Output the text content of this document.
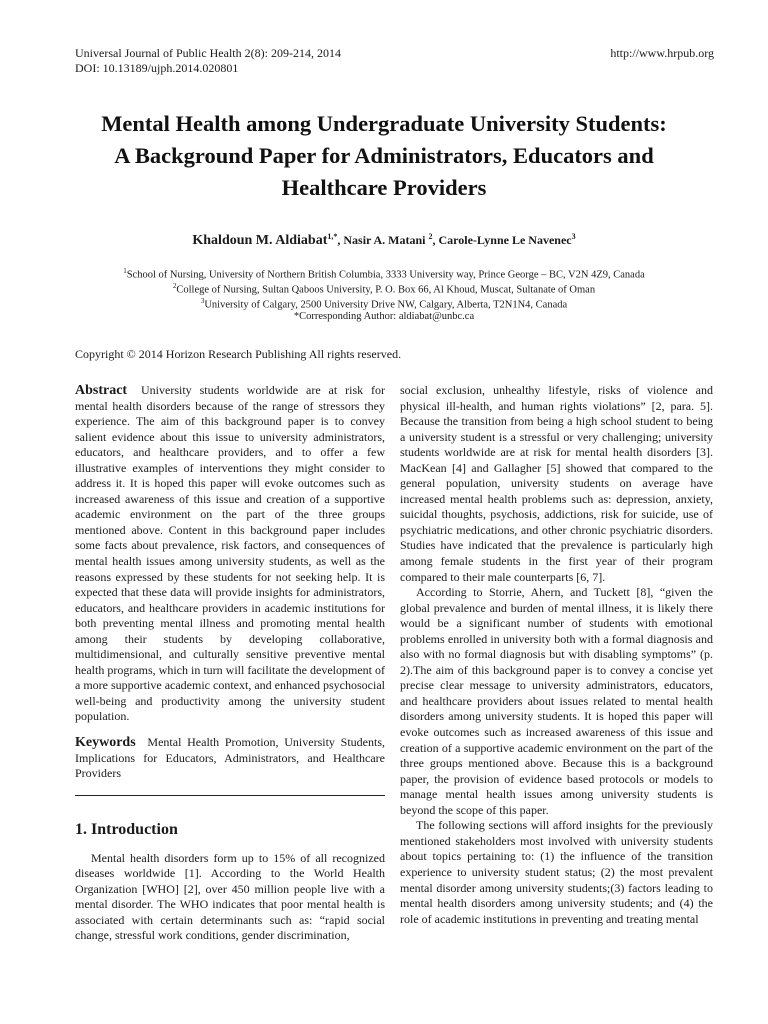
Universal Journal of Public Health 2(8): 209-214, 2014
DOI: 10.13189/ujph.2014.020801
http://www.hrpub.org
Mental Health among Undergraduate University Students:
A Background Paper for Administrators, Educators and
Healthcare Providers
Khaldoun M. Aldiabat$^{1,*}$, Nasir A. Matani $^2$, Carole-Lynne Le Navenec$^3$
$^1$School of Nursing, University of Northern British Columbia, 3333 University way, Prince George – BC, V2N 4Z9, Canada
$^2$College of Nursing, Sultan Qaboos University, P. O. Box 66, Al Khoud, Muscat, Sultanate of Oman
$^3$University of Calgary, 2500 University Drive NW, Calgary, Alberta, T2N1N4, Canada
*Corresponding Author: aldiabat@unbc.ca
Copyright © 2014 Horizon Research Publishing All rights reserved.

Abstract University students worldwide are at risk for mental health disorders because of the range of stressors they experience. The aim of this background paper is to convey salient evidence about this issue to university administrators, educators, and healthcare providers, and to offer a few illustrative examples of interventions they might consider to address it. It is hoped this paper will evoke outcomes such as increased awareness of this issue and creation of a supportive academic environment on the part of the three groups mentioned above. Content in this background paper includes some facts about prevalence, risk factors, and consequences of mental health issues among university students, as well as the reasons expressed by these students for not seeking help. It is expected that these data will provide insights for administrators, educators, and healthcare providers in academic institutions for both preventing mental illness and promoting mental health among their students by developing collaborative, multidimensional, and culturally sensitive preventive mental health programs, which in turn will facilitate the development of a more supportive academic context, and enhanced psychosocial well-being and productivity among the university student population.

Keywords Mental Health Promotion, University Students, Implications for Educators, Administrators, and Healthcare Providers

1. Introduction

Mental health disorders form up to 15% of all recognized diseases worldwide [1]. According to the World Health Organization [WHO] [2], over 450 million people live with a mental disorder. The WHO indicates that poor mental health is associated with certain determinants such as: “rapid social change, stressful work conditions, gender discrimination,

social exclusion, unhealthy lifestyle, risks of violence and physical ill-health, and human rights violations” [2, para. 5]. Because the transition from being a high school student to being a university student is a stressful or very challenging; university students worldwide are at risk for mental health disorders [3]. MacKean [4] and Gallagher [5] showed that compared to the general population, university students on average have increased mental health problems such as: depression, anxiety, suicidal thoughts, psychosis, addictions, risk for suicide, use of psychiatric medications, and other chronic psychiatric disorders. Studies have indicated that the prevalence is particularly high among female students in the first year of their program compared to their male counterparts [6, 7].

According to Storrie, Ahern, and Tuckett [8], “given the global prevalence and burden of mental illness, it is likely there would be a significant number of students with emotional problems enrolled in university both with a formal diagnosis and also with no formal diagnosis but with disabling symptoms” (p. 2).The aim of this background paper is to convey a concise yet precise clear message to university administrators, educators, and healthcare providers about issues related to mental health disorders among university students. It is hoped this paper will evoke outcomes such as increased awareness of this issue and creation of a supportive academic environment on the part of the three groups mentioned above. Because this is a background paper, the provision of evidence based protocols or models to manage mental health issues among university students is beyond the scope of this paper.

The following sections will afford insights for the previously mentioned stakeholders most involved with university students about topics pertaining to: (1) the influence of the transition experience to university student status; (2) the most prevalent mental disorder among university students;(3) factors leading to mental health disorders among university students; and (4) the role of academic institutions in preventing and treating mental
